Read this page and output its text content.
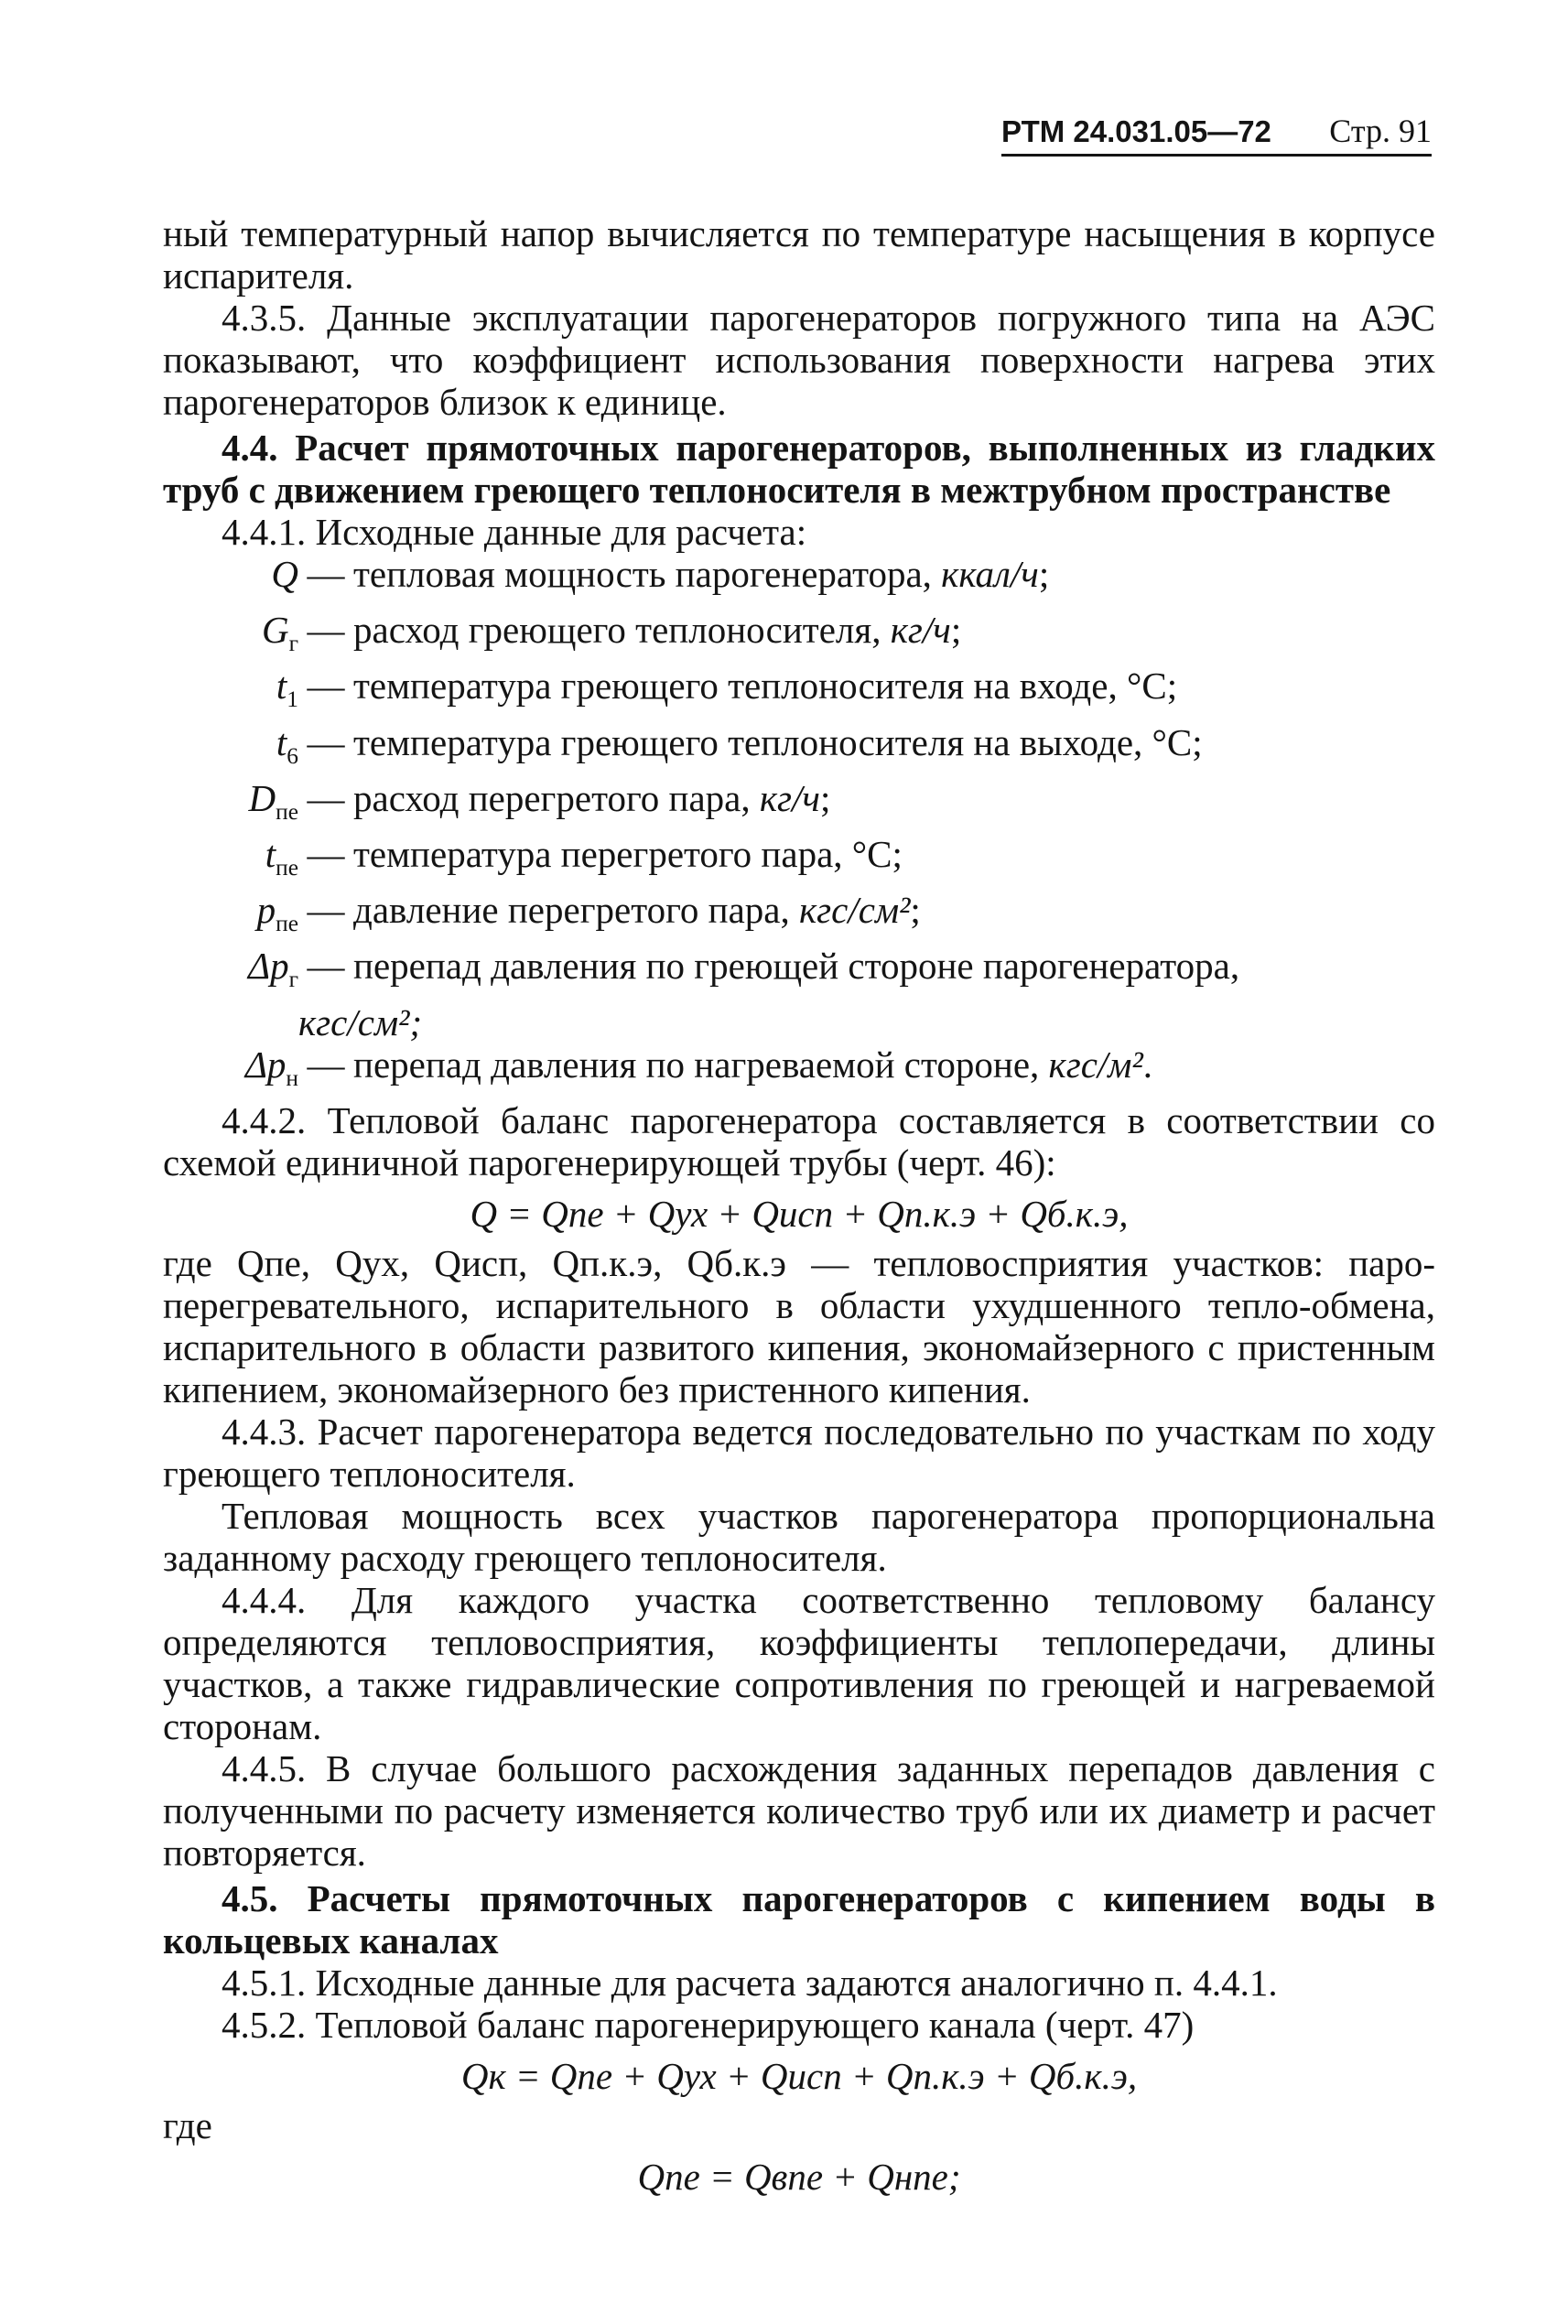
РТМ 24.031.05—72 Стр. 91

ный температурный напор вычисляется по температуре насыщения в корпусе испарителя.

4.3.5. Данные эксплуатации парогенераторов погружного типа на АЭС показывают, что коэффициент использования поверхности нагрева этих парогенераторов близок к единице.

4.4. Расчет прямоточных парогенераторов, выполненных из гладких труб с движением греющего теплоносителя в межтрубном пространстве

4.4.1. Исходные данные для расчета:

Q — тепловая мощность парогенератора, ккал/ч;
$G_г$ — расход греющего теплоносителя, кг/ч;
$t_1$ — температура греющего теплоносителя на входе, °С;
$t_6$ — температура греющего теплоносителя на выходе, °С;
$D_{пе}$ — расход перегретого пара, кг/ч;
$t_{пе}$ — температура перегретого пара, °С;
$p_{пе}$ — давление перегретого пара, кгс/см²;
$\Delta p_г$ — перепад давления по греющей стороне парогенератора,
кгс/см²;
$\Delta p_н$ — перепад давления по нагреваемой стороне, кгс/м².

4.4.2. Тепловой баланс парогенератора составляется в соответствии со схемой единичной парогенерирующей трубы (черт. 46):

Q = Qпе + Qух + Qисп + Qп.к.э + Qб.к.э,

где Qпе, Qух, Qисп, Qп.к.э, Qб.к.э — тепловосприятия участков: паро-перегревательного, испарительного в области ухудшенного тепло-обмена, испарительного в области развитого кипения, экономайзерного с пристенным кипением, экономайзерного без пристенного кипения.

4.4.3. Расчет парогенератора ведется последовательно по участкам по ходу греющего теплоносителя.

Тепловая мощность всех участков парогенератора пропорциональна заданному расходу греющего теплоносителя.

4.4.4. Для каждого участка соответственно тепловому балансу определяются тепловосприятия, коэффициенты теплопередачи, длины участков, а также гидравлические сопротивления по греющей и нагреваемой сторонам.

4.4.5. В случае большого расхождения заданных перепадов давления с полученными по расчету изменяется количество труб или их диаметр и расчет повторяется.

4.5. Расчеты прямоточных парогенераторов с кипением воды в кольцевых каналах

4.5.1. Исходные данные для расчета задаются аналогично п. 4.4.1.

4.5.2. Тепловой баланс парогенерирующего канала (черт. 47)

Qк = Qпе + Qух + Qисп + Qп.к.э + Qб.к.э,

где

Qпе = Qвпе + Qнпе;
